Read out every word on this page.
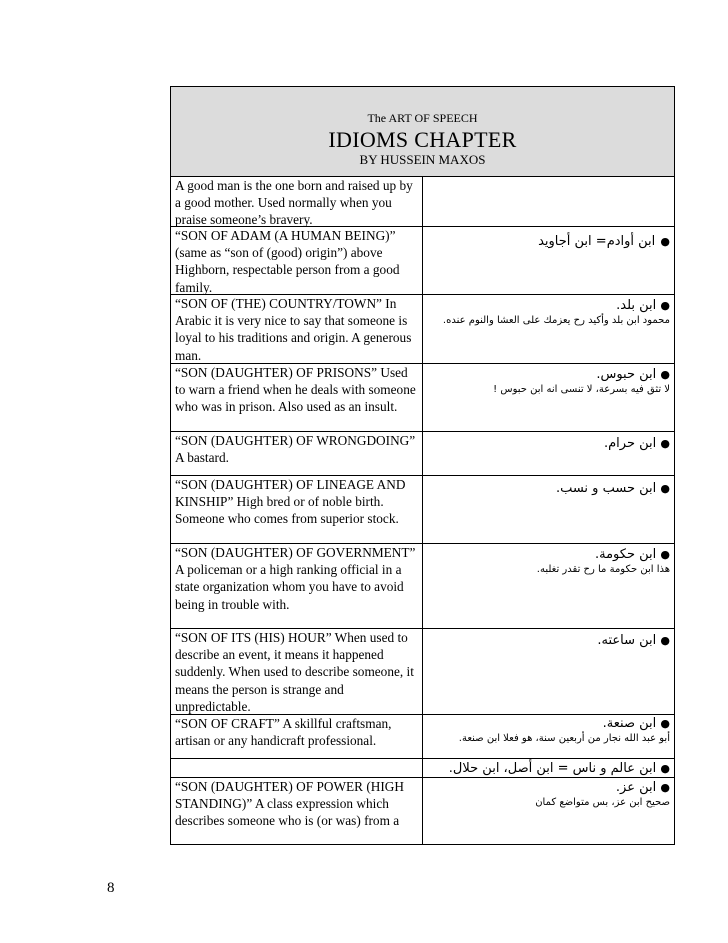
The ART OF SPEECH
IDIOMS CHAPTER
BY HUSSEIN MAXOS
A good man is the one born and raised up by a good mother. Used normally when you praise someone’s bravery.
“SON OF ADAM (A HUMAN BEING)” (same as “son of (good) origin”) above Highborn, respectable person from a good family.
● ابن أوادم= ابن أجاويد
“SON OF (THE) COUNTRY/TOWN” In Arabic it is very nice to say that someone is loyal to his traditions and origin. A generous man.
● ابن بلد.
محمود ابن بلد وأكيد رح يعزمك على العشا والنوم عنده.
“SON (DAUGHTER) OF PRISONS” Used to warn a friend when he deals with someone who was in prison. Also used as an insult.
● ابن حبوس.
لا تثق فيه بسرعة، لا تنسى انه ابن حبوس !
“SON (DAUGHTER) OF WRONGDOING” A bastard.
● ابن حرام.
“SON (DAUGHTER) OF LINEAGE AND KINSHIP” High bred or of noble birth. Someone who comes from superior stock.
● ابن حسب و نسب.
“SON (DAUGHTER) OF GOVERNMENT” A policeman or a high ranking official in a state organization whom you have to avoid being in trouble with.
● ابن حكومة.
هذا ابن حكومة ما رح تقدر تغلبه.
“SON OF ITS (HIS) HOUR” When used to describe an event, it means it happened suddenly. When used to describe someone, it means the person is strange and unpredictable.
● ابن ساعته.
“SON OF CRAFT” A skillful craftsman, artisan or any handicraft professional.
● ابن صنعة.
أبو عبد الله نجار من أربعين سنة، هو فعلا ابن صنعة.
● ابن عالم و ناس = ابن أصل، ابن حلال.
“SON (DAUGHTER) OF POWER (HIGH STANDING)” A class expression which describes someone who is (or was) from a
● ابن عز.
صحيح ابن عز، بس متواضع كمان
8
